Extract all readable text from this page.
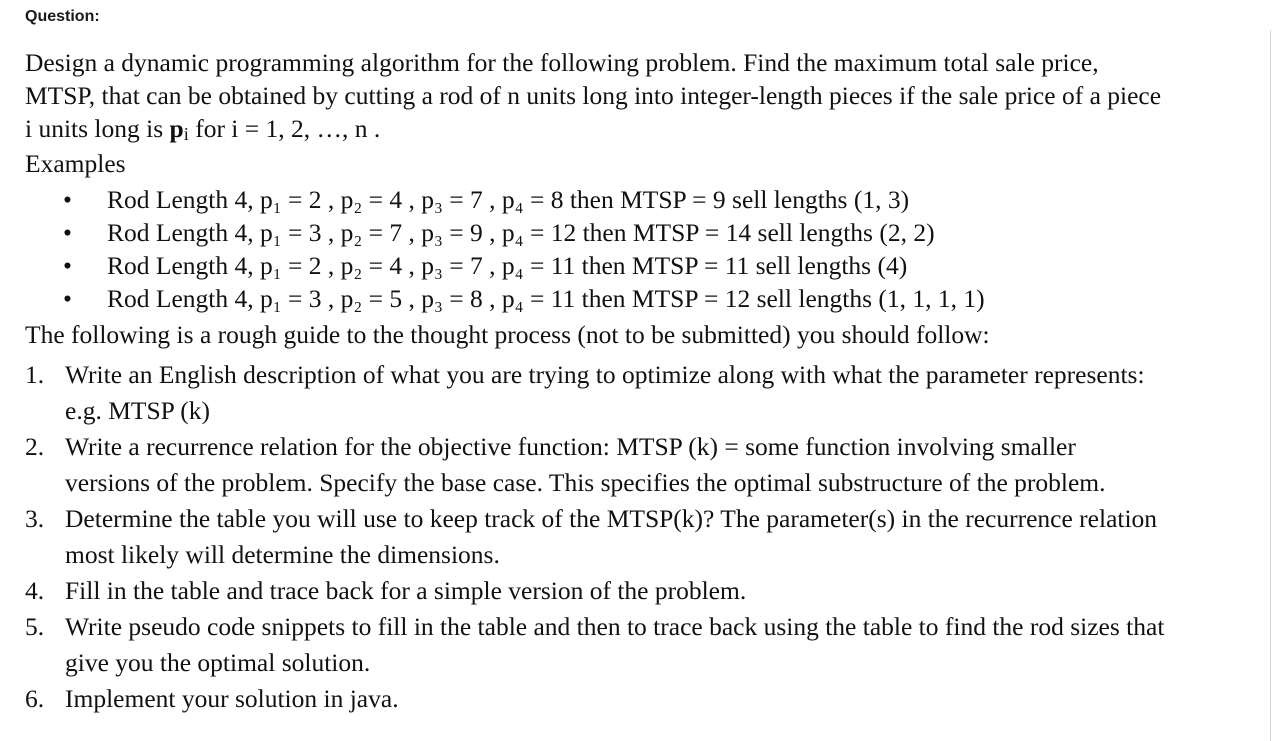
Question:
Design a dynamic programming algorithm for the following problem. Find the maximum total sale price,
MTSP, that can be obtained by cutting a rod of n units long into integer-length pieces if the sale price of a piece
i units long is $p_i$ for i = 1, 2, …, n .
Examples
• Rod Length 4, p₁ = 2 , p₂ = 4 , p₃ = 7 , p₄ = 8 then MTSP = 9 sell lengths (1, 3)
• Rod Length 4, p₁ = 3 , p₂ = 7 , p₃ = 9 , p₄ = 12 then MTSP = 14 sell lengths (2, 2)
• Rod Length 4, p₁ = 2 , p₂ = 4 , p₃ = 7 , p₄ = 11 then MTSP = 11 sell lengths (4)
• Rod Length 4, p₁ = 3 , p₂ = 5 , p₃ = 8 , p₄ = 11 then MTSP = 12 sell lengths (1, 1, 1, 1)
The following is a rough guide to the thought process (not to be submitted) you should follow:
1. Write an English description of what you are trying to optimize along with what the parameter represents:
e.g. MTSP (k)
2. Write a recurrence relation for the objective function: MTSP (k) = some function involving smaller
versions of the problem. Specify the base case. This specifies the optimal substructure of the problem.
3. Determine the table you will use to keep track of the MTSP(k)? The parameter(s) in the recurrence relation
most likely will determine the dimensions.
4. Fill in the table and trace back for a simple version of the problem.
5. Write pseudo code snippets to fill in the table and then to trace back using the table to find the rod sizes that
give you the optimal solution.
6. Implement your solution in java.
